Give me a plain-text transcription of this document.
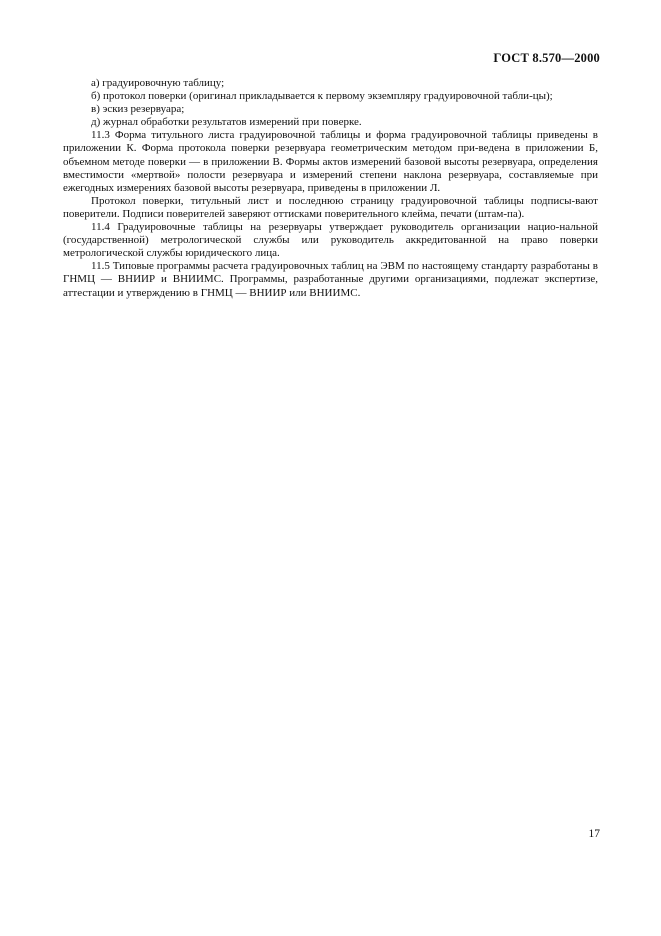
ГОСТ 8.570—2000

а) градуировочную таблицу;

б) протокол поверки (оригинал прикладывается к первому экземпляру градуировочной табли-цы);

в) эскиз резервуара;

д) журнал обработки результатов измерений при поверке.

11.3 Форма титульного листа градуировочной таблицы и форма градуировочной таблицы приведены в приложении К. Форма протокола поверки резервуара геометрическим методом при-ведена в приложении Б, объемном методе поверки — в приложении В. Формы актов измерений базовой высоты резервуара, определения вместимости «мертвой» полости резервуара и измерений степени наклона резервуара, составляемые при ежегодных измерениях базовой высоты резервуара, приведены в приложении Л.

Протокол поверки, титульный лист и последнюю страницу градуировочной таблицы подписы-вают поверители. Подписи поверителей заверяют оттисками поверительного клейма, печати (штам-па).

11.4 Градуировочные таблицы на резервуары утверждает руководитель организации нацио-нальной (государственной) метрологической службы или руководитель аккредитованной на право поверки метрологической службы юридического лица.

11.5 Типовые программы расчета градуировочных таблиц на ЭВМ по настоящему стандарту разработаны в ГНМЦ — ВНИИР и ВНИИМС. Программы, разработанные другими организациями, подлежат экспертизе, аттестации и утверждению в ГНМЦ — ВНИИР или ВНИИМС.

17
